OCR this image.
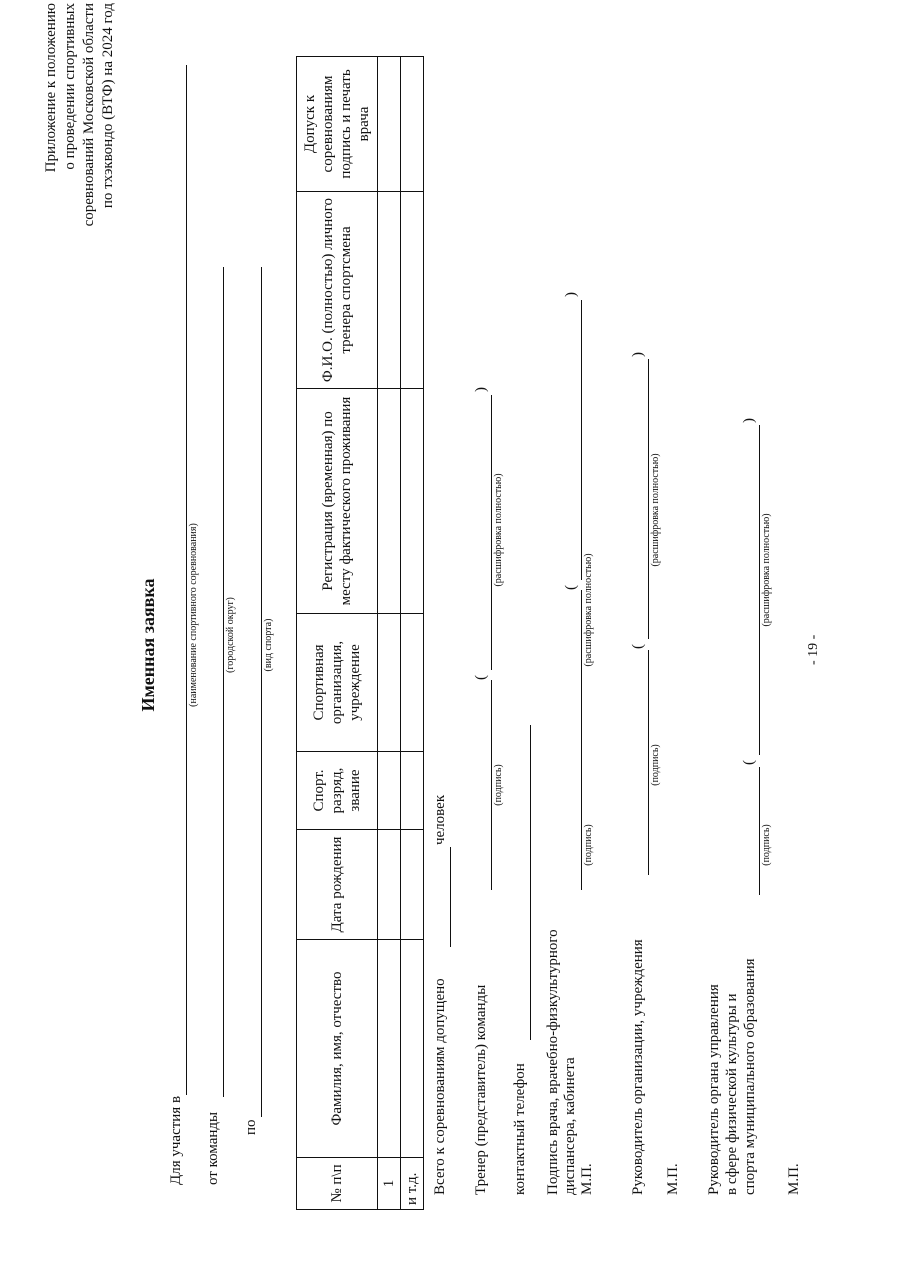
Приложение к положению о проведении спортивных соревнований Московской области по тхэквондо (ВТФ) на 2024 год
Именная заявка
Для участия в
(наименование спортивного соревнования)
от команды
(городской округ)
по
(вид спорта)
№ п\п	Фамилия, имя, отчество	Дата рождения	Спорт. разряд, звание	Спортивная организация, учреждение	Регистрация (временная) по месту фактического проживания	Ф.И.О. (полностью) личного тренера спортсмена	Допуск к соревнованиям подпись и печать врача
1							
и т.д.							Всего к соревнованиям допущено
человек
Тренер (представитель) команды
(
)
(подпись)
(расшифровка полностью)
контактный телефон Подпись врача, врачебно-физкультурного диспансера, кабинета М.П.
(
)
(подпись)
(расшифровка полностью)
Руководитель организации, учреждения М.П.
(
)
(подпись)
(расшифровка полностью)
Руководитель органа управления в сфере физической культуры и спорта муниципального образования М.П.
(
)
(подпись)
(расшифровка полностью)
- 19 -
